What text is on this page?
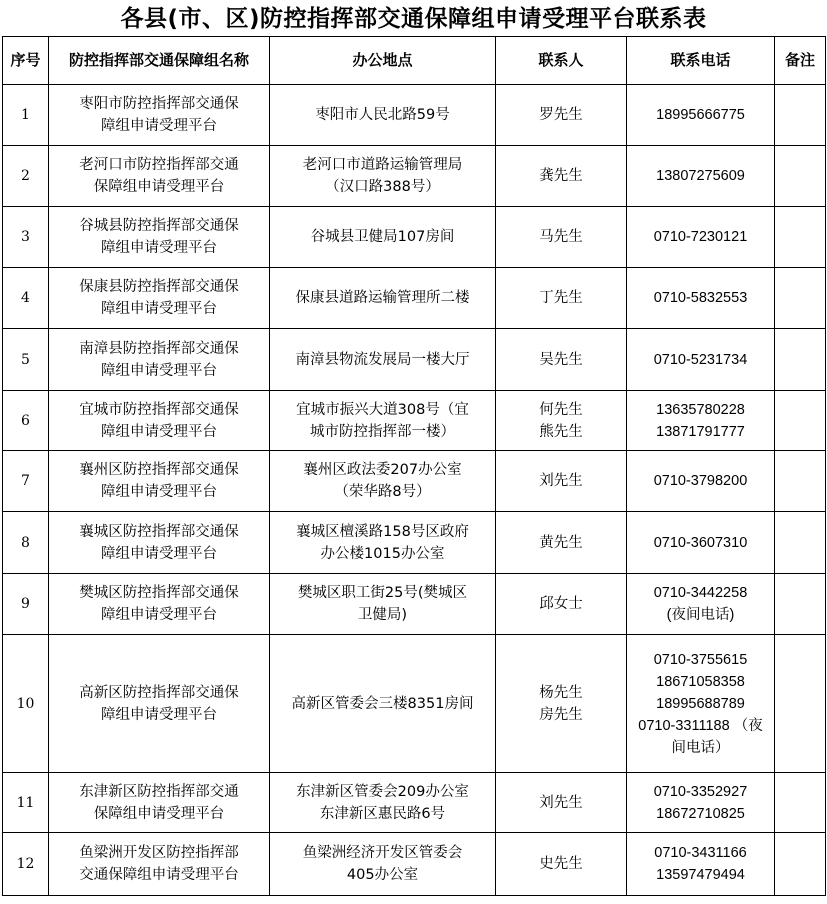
各县(市、区)防控指挥部交通保障组申请受理平台联系表
序号	防控指挥部交通保障组名称	办公地点	联系人	联系电话	备注
1	枣阳市防控指挥部交通保
障组申请受理平台	枣阳市人民北路59号	罗先生	18995666775	

2	老河口市防控指挥部交通
保障组申请受理平台	老河口市道路运输管理局
（汉口路388号）	龚先生	13807275609	

3	谷城县防控指挥部交通保
障组申请受理平台	谷城县卫健局107房间	马先生	0710-7230121	

4	保康县防控指挥部交通保
障组申请受理平台	保康县道路运输管理所二楼	丁先生	0710-5832553	

5	南漳县防控指挥部交通保
障组申请受理平台	南漳县物流发展局一楼大厅	吴先生	0710-5231734	

6	宜城市防控指挥部交通保
障组申请受理平台	宜城市振兴大道308号（宜
城市防控指挥部一楼）	何先生
熊先生	13635780228
13871791777	

7	襄州区防控指挥部交通保
障组申请受理平台	襄州区政法委207办公室
（荣华路8号）	刘先生	0710-3798200	

8	襄城区防控指挥部交通保
障组申请受理平台	襄城区檀溪路158号区政府
办公楼1015办公室	黄先生	0710-3607310	

9	樊城区防控指挥部交通保
障组申请受理平台	樊城区职工街25号(樊城区
卫健局)	邱女士	0710-3442258
(夜间电话)	

10	高新区防控指挥部交通保
障组申请受理平台	高新区管委会三楼8351房间	杨先生
房先生	0710-3755615
18671058358
18995688789
0710-3311188 （夜
间电话）	

11	东津新区防控指挥部交通
保障组申请受理平台	东津新区管委会209办公室
东津新区惠民路6号	刘先生	0710-3352927
18672710825	

12	鱼梁洲开发区防控指挥部
交通保障组申请受理平台	鱼梁洲经济开发区管委会
405办公室	史先生	0710-3431166
13597479494	
